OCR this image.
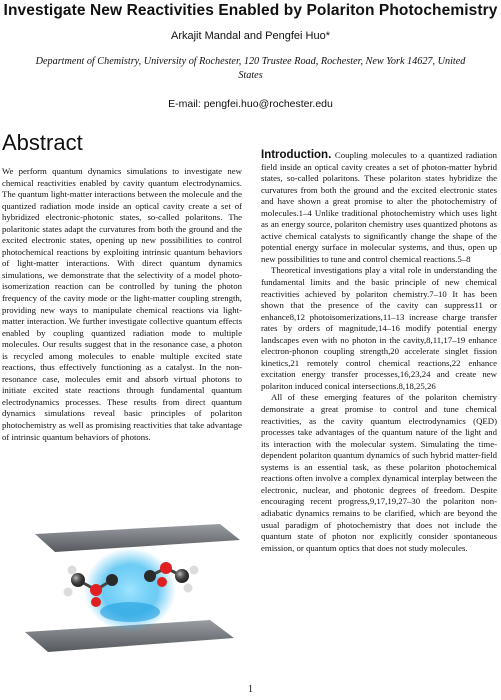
Investigate New Reactivities Enabled by Polariton Photochemistry
Arkajit Mandal and Pengfei Huo*
Department of Chemistry, University of Rochester, 120 Trustee Road, Rochester, New York 14627, United States
E-mail: pengfei.huo@rochester.edu
Abstract

We perform quantum dynamics simulations to investigate new chemical reactivities enabled by cavity quantum electrodynamics. The quantum light-matter interactions between the molecule and the quantized radiation mode inside an optical cavity create a set of hybridized electronic-photonic states, so-called polaritons. The polaritonic states adapt the curvatures from both the ground and the excited electronic states, opening up new possibilities to control photochemical reactions by exploiting intrinsic quantum behaviors of light-matter interactions. With direct quantum dynamics simulations, we demonstrate that the selectivity of a model photo-isomerization reaction can be controlled by tuning the photon frequency of the cavity mode or the light-matter coupling strength, providing new ways to manipulate chemical reactions via light-matter interaction. We further investigate collective quantum effects enabled by coupling quantized radiation mode to multiple molecules. Our results suggest that in the resonance case, a photon is recycled among molecules to enable multiple excited state reactions, thus effectively functioning as a catalyst. In the non-resonance case, molecules emit and absorb virtual photons to initiate excited state reactions through fundamental quantum electrodynamics processes. These results from direct quantum dynamics simulations reveal basic principles of polariton photochemistry as well as promising reactivities that take advantage of intrinsic quantum behaviors of photons.

Introduction. Coupling molecules to a quantized radiation field inside an optical cavity creates a set of photon-matter hybrid states, so-called polaritons. These polariton states hybridize the curvatures from both the ground and the excited electronic states and have shown a great promise to alter the photochemistry of molecules.1–4 Unlike traditional photochemistry which uses light as an energy source, polariton chemistry uses quantized photons as active chemical catalysts to significantly change the shape of the potential energy surface in molecular systems, and thus, open up new possibilities to tune and control chemical reactions.5–8

Theoretical investigations play a vital role in understanding the fundamental limits and the basic principle of new chemical reactivities achieved by polariton chemistry.7–10 It has been shown that the presence of the cavity can suppress11 or enhance8,12 photoisomerizations,11–13 increase charge transfer rates by orders of magnitude,14–16 modify potential energy landscapes even with no photon in the cavity,8,11,17–19 enhance electron-phonon coupling strength,20 accelerate singlet fission kinetics,21 remotely control chemical reactions,22 enhance excitation energy transfer processes,16,23,24 and create new polariton induced conical intersections.8,18,25,26

All of these emerging features of the polariton chemistry demonstrate a great promise to control and tune chemical reactivities, as the cavity quantum electrodynamics (QED) processes take advantages of the quantum nature of the light and its interaction with the molecular system. Simulating the time-dependent polariton quantum dynamics of such hybrid matter-field systems is an essential task, as these polariton photochemical reactions often involve a complex dynamical interplay between the electronic, nuclear, and photonic degrees of freedom. Despite encouraging recent progress,9,17,19,27–30 the polariton non-adiabatic dynamics remains to be clarified, which are beyond the usual paradigm of photochemistry that does not include the quantum state of photon nor explicitly consider spontaneous emission, or quantum optics that does not study molecules.

1
